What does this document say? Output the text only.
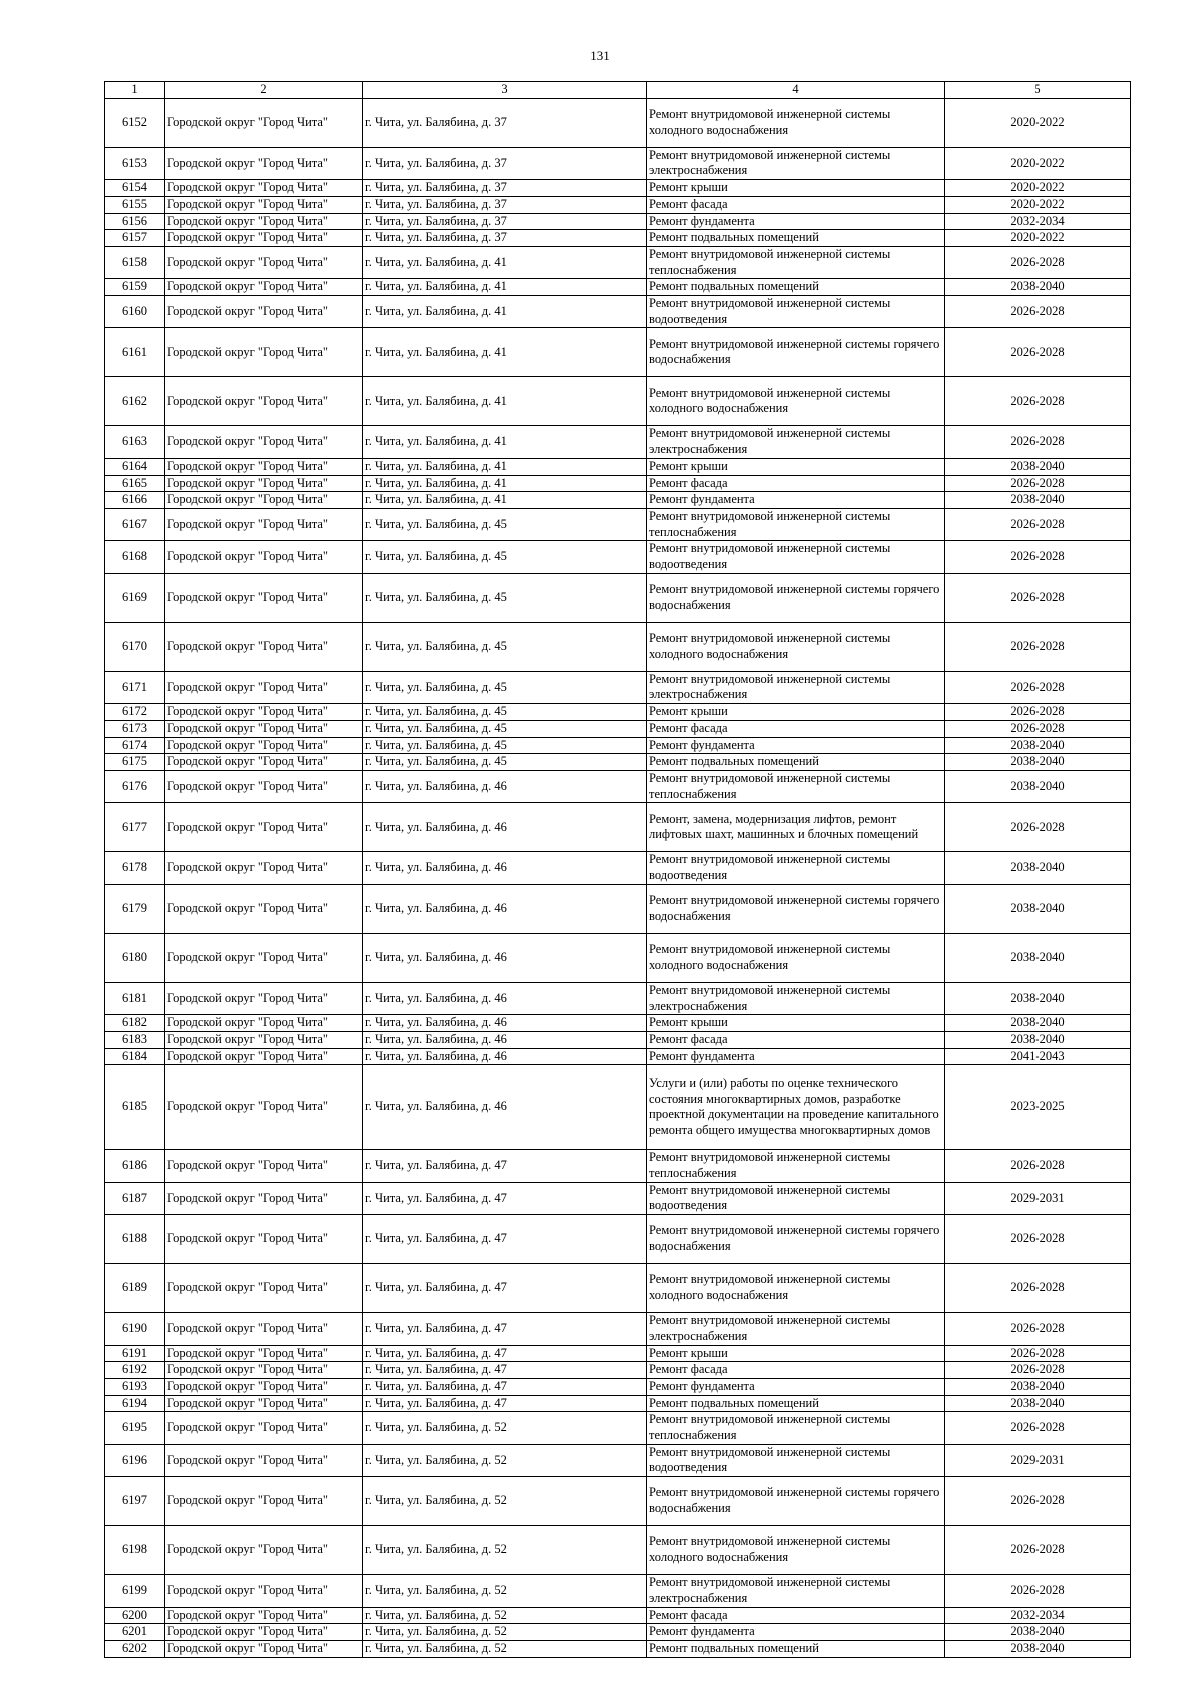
131
1	2	3	4	5
6152	Городской округ "Город Чита"	г. Чита, ул. Балябина, д. 37	Ремонт внутридомовой инженерной системы холодного водоснабжения	2020-2022
6153	Городской округ "Город Чита"	г. Чита, ул. Балябина, д. 37	Ремонт внутридомовой инженерной системы электроснабжения	2020-2022
6154	Городской округ "Город Чита"	г. Чита, ул. Балябина, д. 37	Ремонт крыши	2020-2022
6155	Городской округ "Город Чита"	г. Чита, ул. Балябина, д. 37	Ремонт фасада	2020-2022
6156	Городской округ "Город Чита"	г. Чита, ул. Балябина, д. 37	Ремонт фундамента	2032-2034
6157	Городской округ "Город Чита"	г. Чита, ул. Балябина, д. 37	Ремонт подвальных помещений	2020-2022
6158	Городской округ "Город Чита"	г. Чита, ул. Балябина, д. 41	Ремонт внутридомовой инженерной системы теплоснабжения	2026-2028
6159	Городской округ "Город Чита"	г. Чита, ул. Балябина, д. 41	Ремонт подвальных помещений	2038-2040
6160	Городской округ "Город Чита"	г. Чита, ул. Балябина, д. 41	Ремонт внутридомовой инженерной системы водоотведения	2026-2028
6161	Городской округ "Город Чита"	г. Чита, ул. Балябина, д. 41	Ремонт внутридомовой инженерной системы горячего водоснабжения	2026-2028
6162	Городской округ "Город Чита"	г. Чита, ул. Балябина, д. 41	Ремонт внутридомовой инженерной системы холодного водоснабжения	2026-2028
6163	Городской округ "Город Чита"	г. Чита, ул. Балябина, д. 41	Ремонт внутридомовой инженерной системы электроснабжения	2026-2028
6164	Городской округ "Город Чита"	г. Чита, ул. Балябина, д. 41	Ремонт крыши	2038-2040
6165	Городской округ "Город Чита"	г. Чита, ул. Балябина, д. 41	Ремонт фасада	2026-2028
6166	Городской округ "Город Чита"	г. Чита, ул. Балябина, д. 41	Ремонт фундамента	2038-2040
6167	Городской округ "Город Чита"	г. Чита, ул. Балябина, д. 45	Ремонт внутридомовой инженерной системы теплоснабжения	2026-2028
6168	Городской округ "Город Чита"	г. Чита, ул. Балябина, д. 45	Ремонт внутридомовой инженерной системы водоотведения	2026-2028
6169	Городской округ "Город Чита"	г. Чита, ул. Балябина, д. 45	Ремонт внутридомовой инженерной системы горячего водоснабжения	2026-2028
6170	Городской округ "Город Чита"	г. Чита, ул. Балябина, д. 45	Ремонт внутридомовой инженерной системы холодного водоснабжения	2026-2028
6171	Городской округ "Город Чита"	г. Чита, ул. Балябина, д. 45	Ремонт внутридомовой инженерной системы электроснабжения	2026-2028
6172	Городской округ "Город Чита"	г. Чита, ул. Балябина, д. 45	Ремонт крыши	2026-2028
6173	Городской округ "Город Чита"	г. Чита, ул. Балябина, д. 45	Ремонт фасада	2026-2028
6174	Городской округ "Город Чита"	г. Чита, ул. Балябина, д. 45	Ремонт фундамента	2038-2040
6175	Городской округ "Город Чита"	г. Чита, ул. Балябина, д. 45	Ремонт подвальных помещений	2038-2040
6176	Городской округ "Город Чита"	г. Чита, ул. Балябина, д. 46	Ремонт внутридомовой инженерной системы теплоснабжения	2038-2040
6177	Городской округ "Город Чита"	г. Чита, ул. Балябина, д. 46	Ремонт, замена, модернизация лифтов, ремонт лифтовых шахт, машинных и блочных помещений	2026-2028
6178	Городской округ "Город Чита"	г. Чита, ул. Балябина, д. 46	Ремонт внутридомовой инженерной системы водоотведения	2038-2040
6179	Городской округ "Город Чита"	г. Чита, ул. Балябина, д. 46	Ремонт внутридомовой инженерной системы горячего водоснабжения	2038-2040
6180	Городской округ "Город Чита"	г. Чита, ул. Балябина, д. 46	Ремонт внутридомовой инженерной системы холодного водоснабжения	2038-2040
6181	Городской округ "Город Чита"	г. Чита, ул. Балябина, д. 46	Ремонт внутридомовой инженерной системы электроснабжения	2038-2040
6182	Городской округ "Город Чита"	г. Чита, ул. Балябина, д. 46	Ремонт крыши	2038-2040
6183	Городской округ "Город Чита"	г. Чита, ул. Балябина, д. 46	Ремонт фасада	2038-2040
6184	Городской округ "Город Чита"	г. Чита, ул. Балябина, д. 46	Ремонт фундамента	2041-2043
6185	Городской округ "Город Чита"	г. Чита, ул. Балябина, д. 46	Услуги и (или) работы по оценке технического состояния многоквартирных домов, разработке проектной документации на проведение капитального ремонта общего имущества многоквартирных домов	2023-2025
6186	Городской округ "Город Чита"	г. Чита, ул. Балябина, д. 47	Ремонт внутридомовой инженерной системы теплоснабжения	2026-2028
6187	Городской округ "Город Чита"	г. Чита, ул. Балябина, д. 47	Ремонт внутридомовой инженерной системы водоотведения	2029-2031
6188	Городской округ "Город Чита"	г. Чита, ул. Балябина, д. 47	Ремонт внутридомовой инженерной системы горячего водоснабжения	2026-2028
6189	Городской округ "Город Чита"	г. Чита, ул. Балябина, д. 47	Ремонт внутридомовой инженерной системы холодного водоснабжения	2026-2028
6190	Городской округ "Город Чита"	г. Чита, ул. Балябина, д. 47	Ремонт внутридомовой инженерной системы электроснабжения	2026-2028
6191	Городской округ "Город Чита"	г. Чита, ул. Балябина, д. 47	Ремонт крыши	2026-2028
6192	Городской округ "Город Чита"	г. Чита, ул. Балябина, д. 47	Ремонт фасада	2026-2028
6193	Городской округ "Город Чита"	г. Чита, ул. Балябина, д. 47	Ремонт фундамента	2038-2040
6194	Городской округ "Город Чита"	г. Чита, ул. Балябина, д. 47	Ремонт подвальных помещений	2038-2040
6195	Городской округ "Город Чита"	г. Чита, ул. Балябина, д. 52	Ремонт внутридомовой инженерной системы теплоснабжения	2026-2028
6196	Городской округ "Город Чита"	г. Чита, ул. Балябина, д. 52	Ремонт внутридомовой инженерной системы водоотведения	2029-2031
6197	Городской округ "Город Чита"	г. Чита, ул. Балябина, д. 52	Ремонт внутридомовой инженерной системы горячего водоснабжения	2026-2028
6198	Городской округ "Город Чита"	г. Чита, ул. Балябина, д. 52	Ремонт внутридомовой инженерной системы холодного водоснабжения	2026-2028
6199	Городской округ "Город Чита"	г. Чита, ул. Балябина, д. 52	Ремонт внутридомовой инженерной системы электроснабжения	2026-2028
6200	Городской округ "Город Чита"	г. Чита, ул. Балябина, д. 52	Ремонт фасада	2032-2034
6201	Городской округ "Город Чита"	г. Чита, ул. Балябина, д. 52	Ремонт фундамента	2038-2040
6202	Городской округ "Город Чита"	г. Чита, ул. Балябина, д. 52	Ремонт подвальных помещений	2038-2040
